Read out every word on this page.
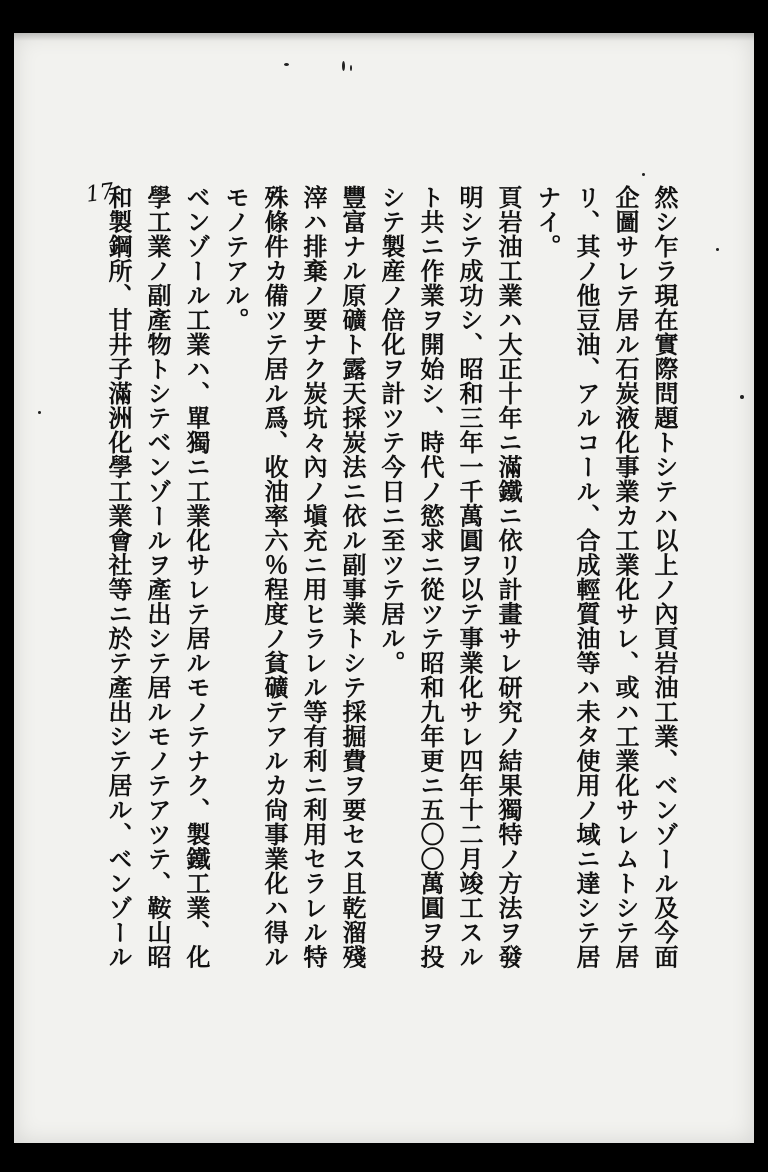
17	然シ乍ラ現在實際問題トシテハ以上ノ內頁岩油工業、ベンゾール及今面
企圖サレテ居ル石炭液化事業カ工業化サレ、或ハ工業化サレムトシテ居
リ、其ノ他豆油、アルコール、合成輕質油等ハ未タ使用ノ域ニ達シテ居
ナイ。
頁岩油工業ハ大正十年ニ滿鐵ニ依リ計畫サレ研究ノ結果獨特ノ方法ヲ發
明シテ成功シ、昭和三年一千萬圓ヲ以テ事業化サレ四年十二月竣工スル
ト共ニ作業ヲ開始シ、時代ノ慾求ニ從ツテ昭和九年更ニ五〇〇萬圓ヲ投
シテ製産ノ倍化ヲ計ツテ今日ニ至ツテ居ル。
豐富ナル原礦ト露天採炭法ニ依ル副事業トシテ採掘費ヲ要セス且乾溜殘
滓ハ排棄ノ要ナク炭坑々內ノ塡充ニ用ヒラレル等有利ニ利用セラレル特
殊條件カ備ツテ居ル爲、收油率六％程度ノ貧礦テアルカ尙事業化ハ得ル
モノテアル。
ベンゾール工業ハ、單獨ニ工業化サレテ居ルモノテナク、製鐵工業、化
學工業ノ副產物トシテベンゾールヲ產出シテ居ルモノテアツテ、鞍山昭
和製鋼所、甘井子滿洲化學工業會社等ニ於テ產出シテ居ル、ベンゾール
